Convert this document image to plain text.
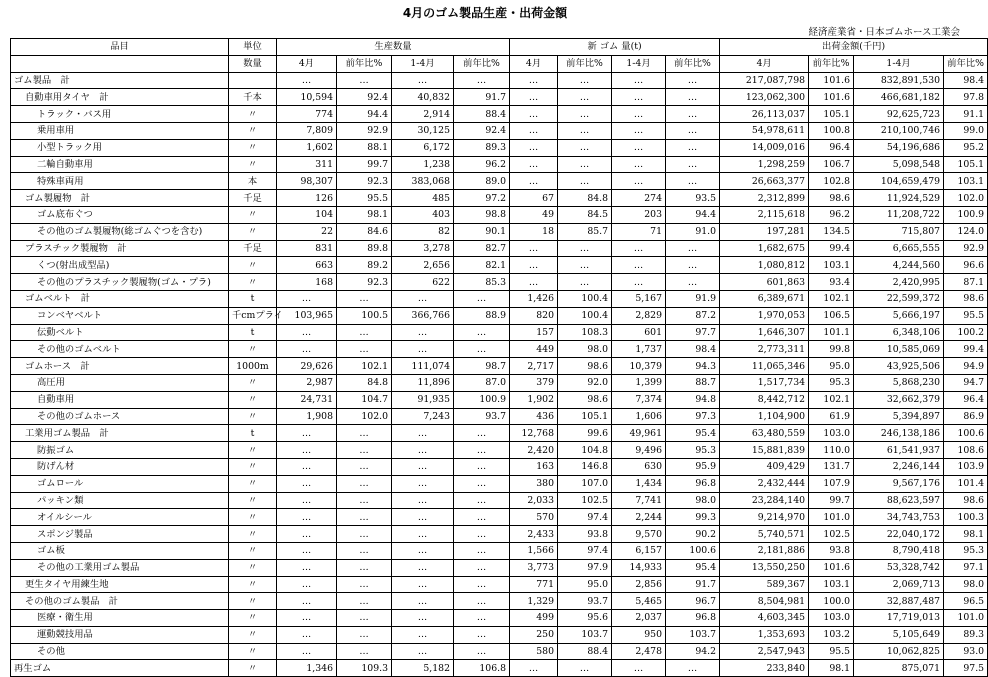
4月のゴム製品生産・出荷金額
経済産業省・日本ゴムホース工業会
品目	単位	生産数量				新 ゴム 量(t)				出荷金額(千円)			
	数量	4月	前年比%	1-4月	前年比%	4月	前年比%	1-4月	前年比%	4月	前年比%	1-4月	前年比%
ゴム製品　計		…	…	…	…	…	…	…	…	217,087,798	101.6	832,891,530	98.4
自動車用タイヤ　計	千本	10,594	92.4	40,832	91.7	…	…	…	…	123,062,300	101.6	466,681,182	97.8
トラック・バス用	〃	774	94.4	2,914	88.4	…	…	…	…	26,113,037	105.1	92,625,723	91.1
乗用車用	〃	7,809	92.9	30,125	92.4	…	…	…	…	54,978,611	100.8	210,100,746	99.0
小型トラック用	〃	1,602	88.1	6,172	89.3	…	…	…	…	14,009,016	96.4	54,196,686	95.2
二輪自動車用	〃	311	99.7	1,238	96.2	…	…	…	…	1,298,259	106.7	5,098,548	105.1
特殊車両用	本	98,307	92.3	383,068	89.0	…	…	…	…	26,663,377	102.8	104,659,479	103.1
ゴム製履物　計	千足	126	95.5	485	97.2	67	84.8	274	93.5	2,312,899	98.6	11,924,529	102.0
ゴム底布ぐつ	〃	104	98.1	403	98.8	49	84.5	203	94.4	2,115,618	96.2	11,208,722	100.9
その他のゴム製履物(総ゴムぐつを含む)	〃	22	84.6	82	90.1	18	85.7	71	91.0	197,281	134.5	715,807	124.0
プラスチック製履物　計	千足	831	89.8	3,278	82.7	…	…	…	…	1,682,675	99.4	6,665,555	92.9
くつ(射出成型品)	〃	663	89.2	2,656	82.1	…	…	…	…	1,080,812	103.1	4,244,560	96.6
その他のプラスチック製履物(ゴム・プラ)	〃	168	92.3	622	85.3	…	…	…	…	601,863	93.4	2,420,995	87.1
ゴムベルト　計	t	…	…	…	…	1,426	100.4	5,167	91.9	6,389,671	102.1	22,599,372	98.6
コンベヤベルト	千cmプライ	103,965	100.5	366,766	88.9	820	100.4	2,829	87.2	1,970,053	106.5	5,666,197	95.5
伝動ベルト	t	…	…	…	…	157	108.3	601	97.7	1,646,307	101.1	6,348,106	100.2
その他のゴムベルト	〃	…	…	…	…	449	98.0	1,737	98.4	2,773,311	99.8	10,585,069	99.4
ゴムホース　計	1000m	29,626	102.1	111,074	98.7	2,717	98.6	10,379	94.3	11,065,346	95.0	43,925,506	94.9
高圧用	〃	2,987	84.8	11,896	87.0	379	92.0	1,399	88.7	1,517,734	95.3	5,868,230	94.7
自動車用	〃	24,731	104.7	91,935	100.9	1,902	98.6	7,374	94.8	8,442,712	102.1	32,662,379	96.4
その他のゴムホース	〃	1,908	102.0	7,243	93.7	436	105.1	1,606	97.3	1,104,900	61.9	5,394,897	86.9
工業用ゴム製品　計	t	…	…	…	…	12,768	99.6	49,961	95.4	63,480,559	103.0	246,138,186	100.6
防振ゴム	〃	…	…	…	…	2,420	104.8	9,496	95.3	15,881,839	110.0	61,541,937	108.6
防げん材	〃	…	…	…	…	163	146.8	630	95.9	409,429	131.7	2,246,144	103.9
ゴムロール	〃	…	…	…	…	380	107.0	1,434	96.8	2,432,444	107.9	9,567,176	101.4
パッキン類	〃	…	…	…	…	2,033	102.5	7,741	98.0	23,284,140	99.7	88,623,597	98.6
オイルシール	〃	…	…	…	…	570	97.4	2,244	99.3	9,214,970	101.0	34,743,753	100.3
スポンジ製品	〃	…	…	…	…	2,433	93.8	9,570	90.2	5,740,571	102.5	22,040,172	98.1
ゴム板	〃	…	…	…	…	1,566	97.4	6,157	100.6	2,181,886	93.8	8,790,418	95.3
その他の工業用ゴム製品	〃	…	…	…	…	3,773	97.9	14,933	95.4	13,550,250	101.6	53,328,742	97.1
更生タイヤ用練生地	〃	…	…	…	…	771	95.0	2,856	91.7	589,367	103.1	2,069,713	98.0
その他のゴム製品　計	〃	…	…	…	…	1,329	93.7	5,465	96.7	8,504,981	100.0	32,887,487	96.5
医療・衛生用	〃	…	…	…	…	499	95.6	2,037	96.8	4,603,345	103.0	17,719,013	101.0
運動競技用品	〃	…	…	…	…	250	103.7	950	103.7	1,353,693	103.2	5,105,649	89.3
その他	〃	…	…	…	…	580	88.4	2,478	94.2	2,547,943	95.5	10,062,825	93.0
再生ゴム	〃	1,346	109.3	5,182	106.8	…	…	…	…	233,840	98.1	875,071	97.5
